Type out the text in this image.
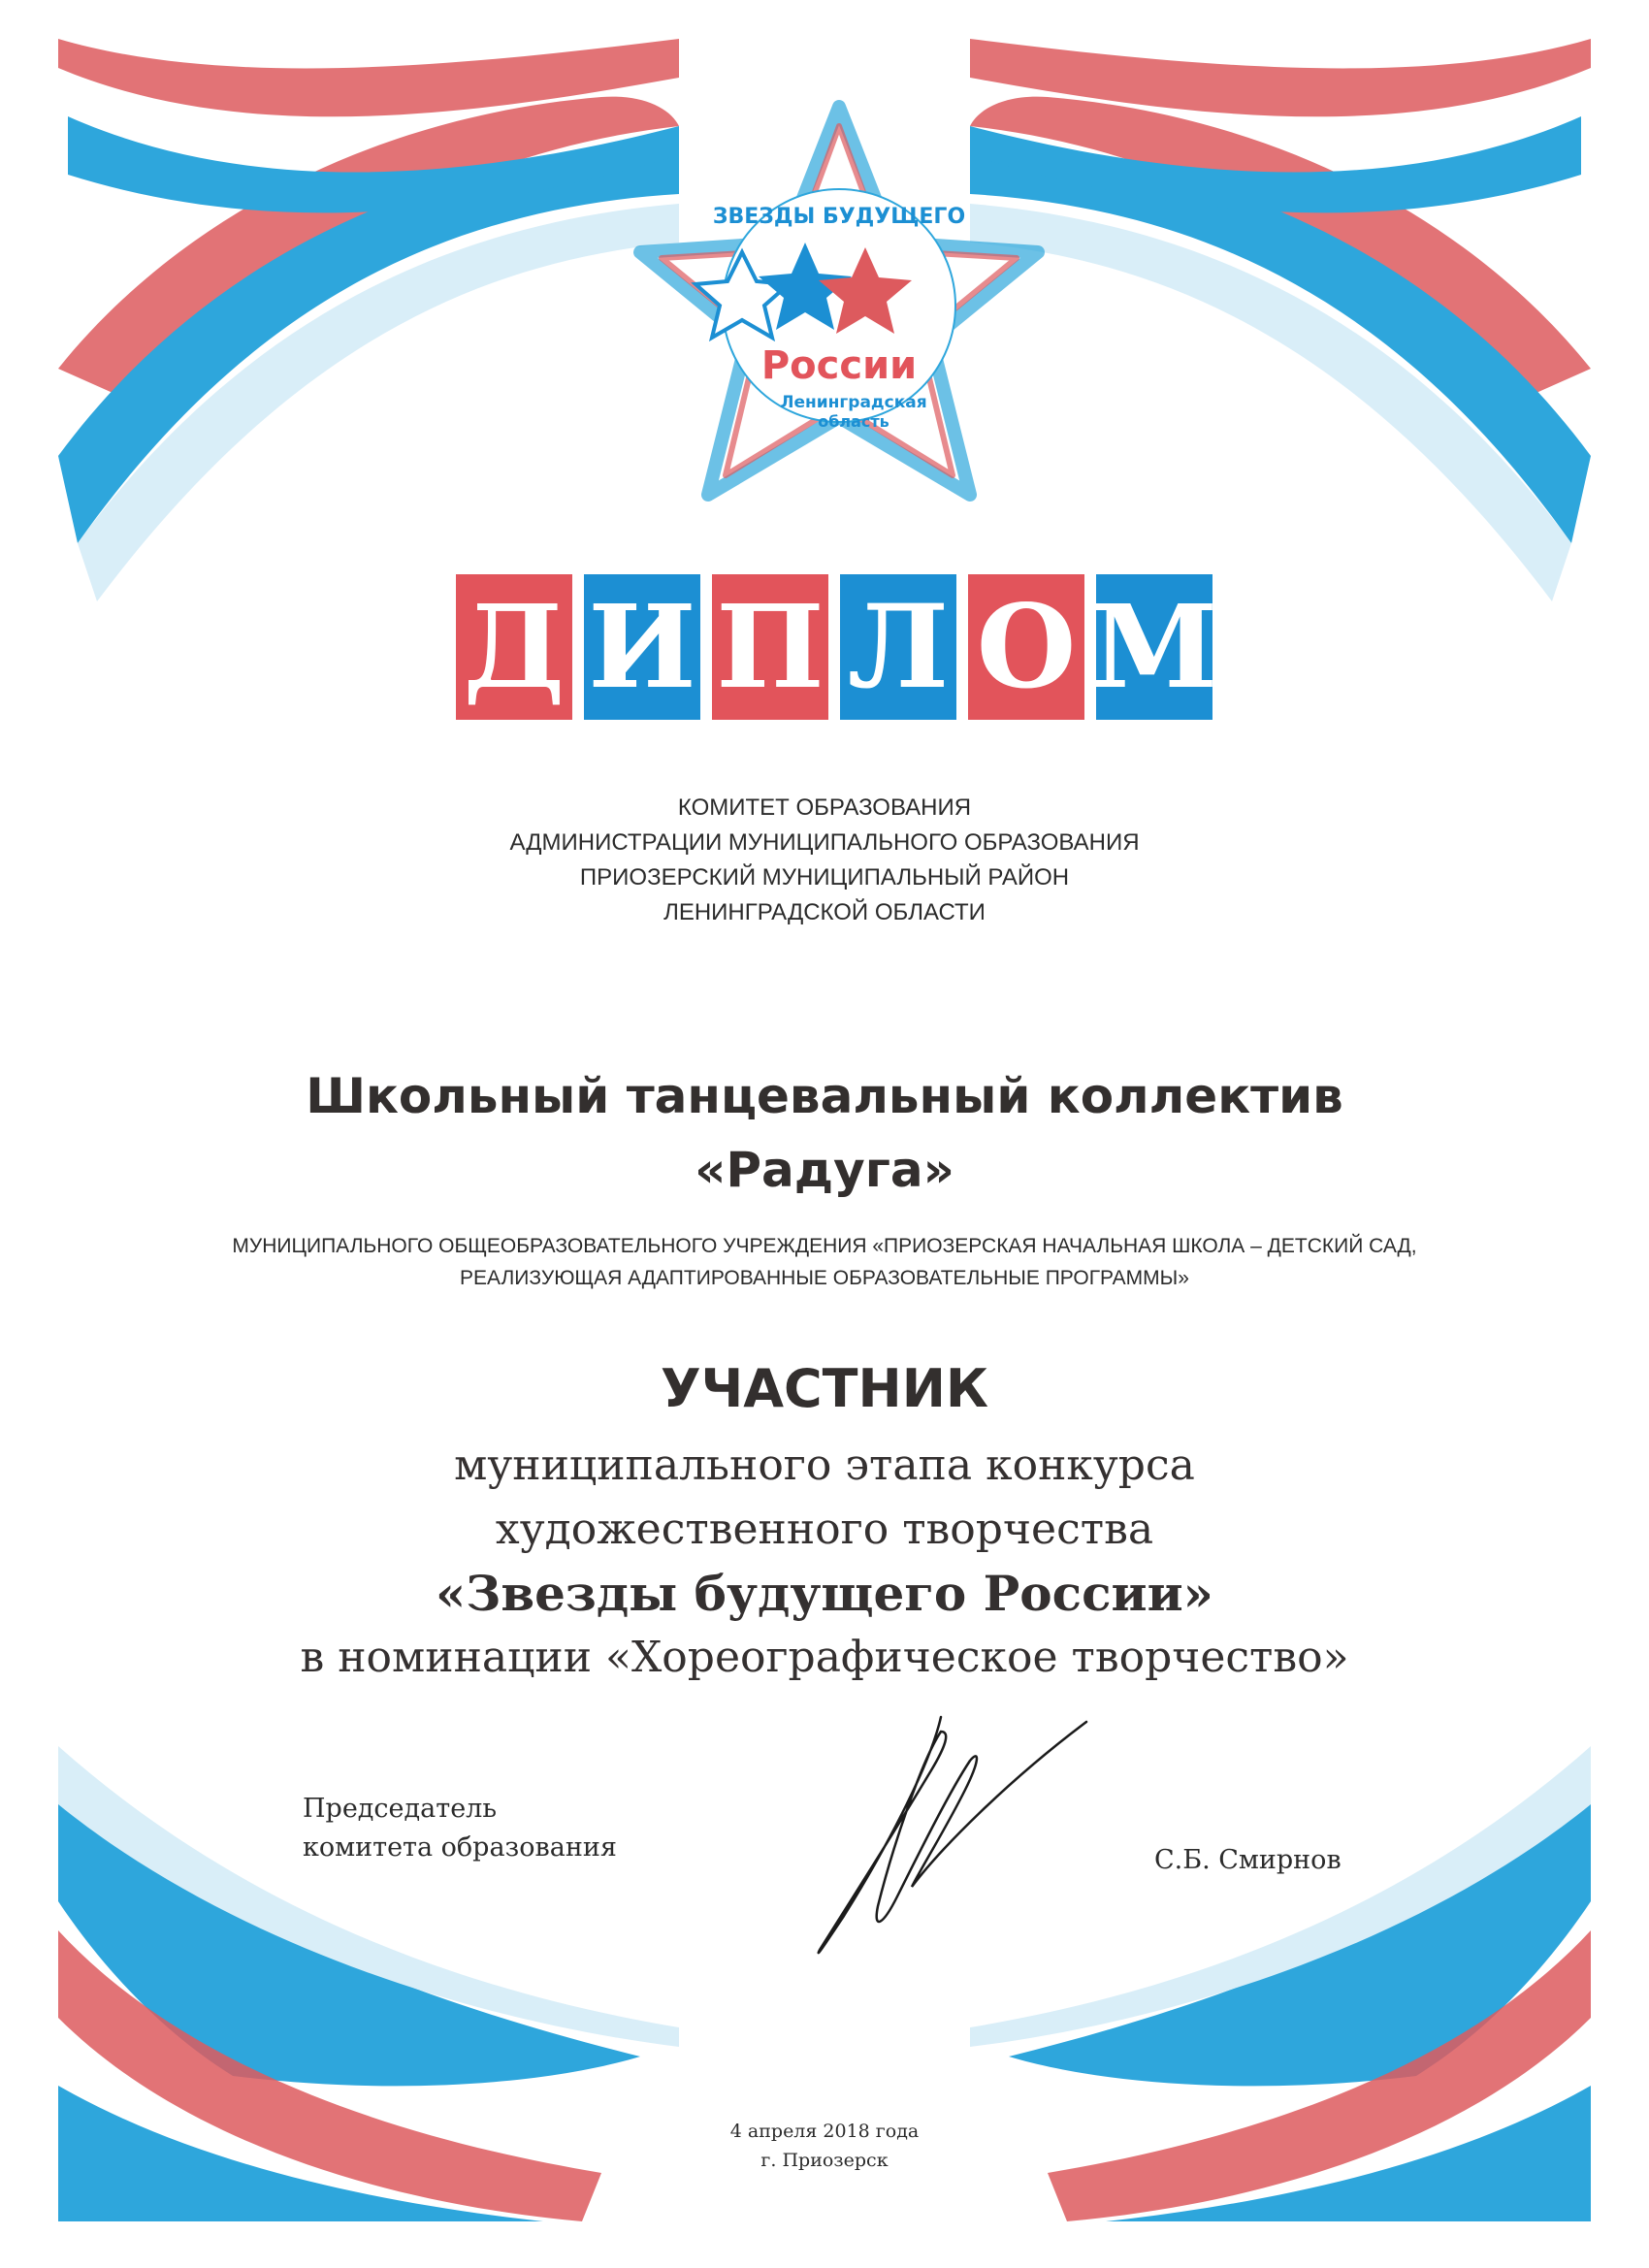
ЗВЕЗДЫ БУДУЩЕГО
России
Ленинградская
область
Д И П Л О М
КОМИТЕТ ОБРАЗОВАНИЯ
АДМИНИСТРАЦИИ МУНИЦИПАЛЬНОГО ОБРАЗОВАНИЯ
ПРИОЗЕРСКИЙ МУНИЦИПАЛЬНЫЙ РАЙОН
ЛЕНИНГРАДСКОЙ ОБЛАСТИ
Школьный танцевальный коллектив
«Радуга»
МУНИЦИПАЛЬНОГО ОБЩЕОБРАЗОВАТЕЛЬНОГО УЧРЕЖДЕНИЯ «ПРИОЗЕРСКАЯ НАЧАЛЬНАЯ ШКОЛА – ДЕТСКИЙ САД,
РЕАЛИЗУЮЩАЯ АДАПТИРОВАННЫЕ ОБРАЗОВАТЕЛЬНЫЕ ПРОГРАММЫ»
УЧАСТНИК
муниципального этапа конкурса
художественного творчества
«Звезды будущего России»
в номинации «Хореографическое творчество»
Председатель
комитета образования	С.Б. Смирнов
4 апреля 2018 года
г. Приозерск
